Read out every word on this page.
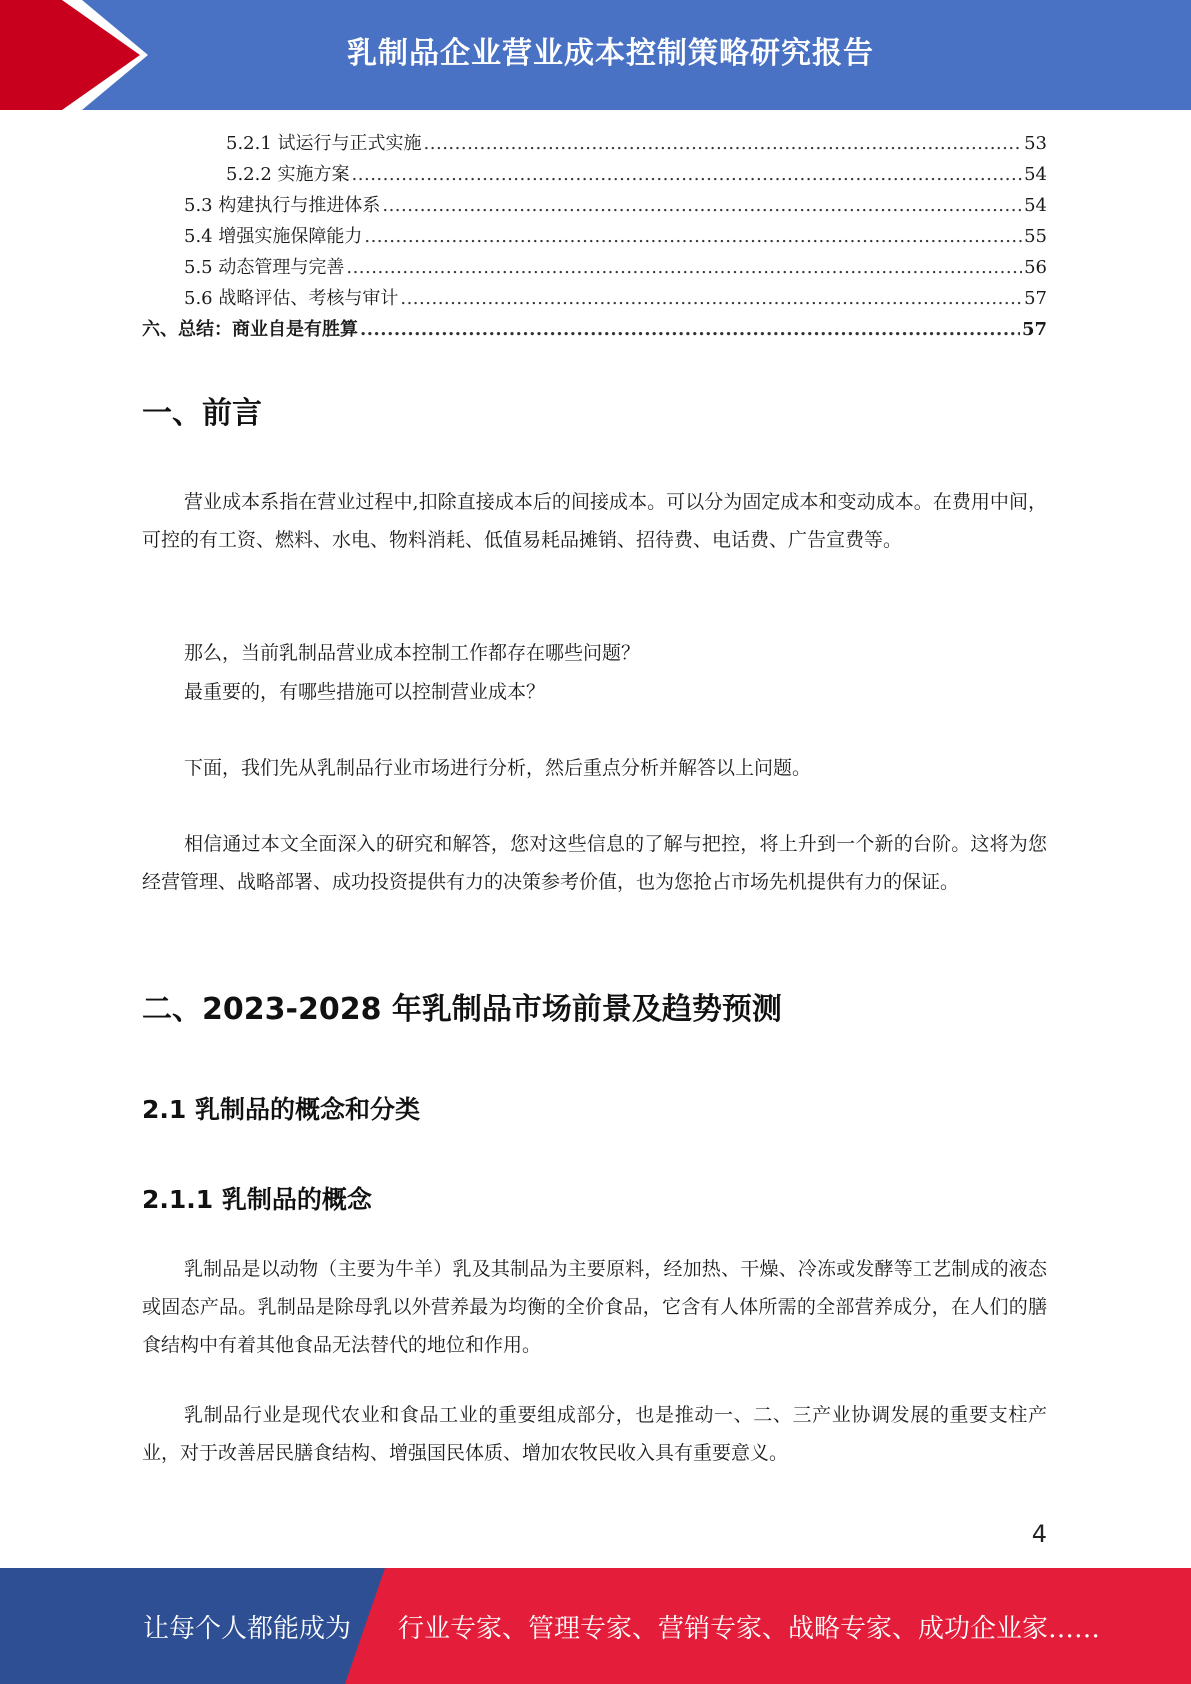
乳制品企业营业成本控制策略研究报告
5.2.1 试运行与正式实施 .....	53
5.2.2 实施方案 .....	54
5.3 构建执行与推进体系 .....	54
5.4 增强实施保障能力 .....	55
5.5 动态管理与完善 .....	56
5.6 战略评估、考核与审计 .....	57
六、总结：商业自是有胜算 .....	57
一、前言

营业成本系指在营业过程中,扣除直接成本后的间接成本。可以分为固定成本和变动成本。在费用中间，可控的有工资、燃料、水电、物料消耗、低值易耗品摊销、招待费、电话费、广告宣费等。

那么，当前乳制品营业成本控制工作都存在哪些问题？

最重要的，有哪些措施可以控制营业成本？

下面，我们先从乳制品行业市场进行分析，然后重点分析并解答以上问题。

相信通过本文全面深入的研究和解答，您对这些信息的了解与把控，将上升到一个新的台阶。这将为您经营管理、战略部署、成功投资提供有力的决策参考价值，也为您抢占市场先机提供有力的保证。

二、2023-2028 年乳制品市场前景及趋势预测
2.1 乳制品的概念和分类
2.1.1 乳制品的概念

乳制品是以动物（主要为牛羊）乳及其制品为主要原料，经加热、干燥、冷冻或发酵等工艺制成的液态或固态产品。乳制品是除母乳以外营养最为均衡的全价食品，它含有人体所需的全部营养成分，在人们的膳食结构中有着其他食品无法替代的地位和作用。

乳制品行业是现代农业和食品工业的重要组成部分，也是推动一、二、三产业协调发展的重要支柱产业，对于改善居民膳食结构、增强国民体质、增加农牧民收入具有重要意义。

4
让每个人都能成为 行业专家、管理专家、营销专家、战略专家、成功企业家……
